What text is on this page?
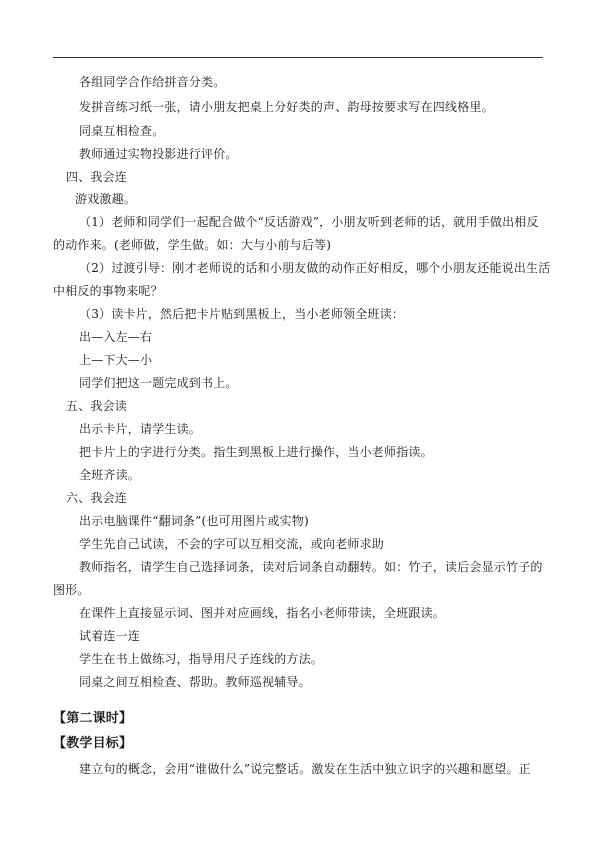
各组同学合作给拼音分类。
发拼音练习纸一张，请小朋友把桌上分好类的声、韵母按要求写在四线格里。
同桌互相检查。
教师通过实物投影进行评价。
四、我会连
游戏激趣。
（1）老师和同学们一起配合做个“反话游戏”，小朋友听到老师的话，就用手做出相反
的动作来。(老师做，学生做。如：大与小前与后等)
（2）过渡引导：刚才老师说的话和小朋友做的动作正好相反，哪个小朋友还能说出生活
中相反的事物来呢？
（3）读卡片，然后把卡片贴到黑板上，当小老师领全班读：
出—入左—右
上—下大—小
同学们把这一题完成到书上。
五、我会读
出示卡片，请学生读。
把卡片上的字进行分类。指生到黑板上进行操作，当小老师指读。
全班齐读。
六、我会连
出示电脑课件“翻词条”(也可用图片或实物)
学生先自己试读，不会的字可以互相交流，或向老师求助
教师指名，请学生自己选择词条，读对后词条自动翻转。如：竹子，读后会显示竹子的
图形。
在课件上直接显示词、图并对应画线，指名小老师带读，全班跟读。
试着连一连
学生在书上做练习，指导用尺子连线的方法。
同桌之间互相检查、帮助。教师巡视辅导。
【第二课时】
【教学目标】
建立句的概念，会用“谁做什么”说完整话。激发在生活中独立识字的兴趣和愿望。正
